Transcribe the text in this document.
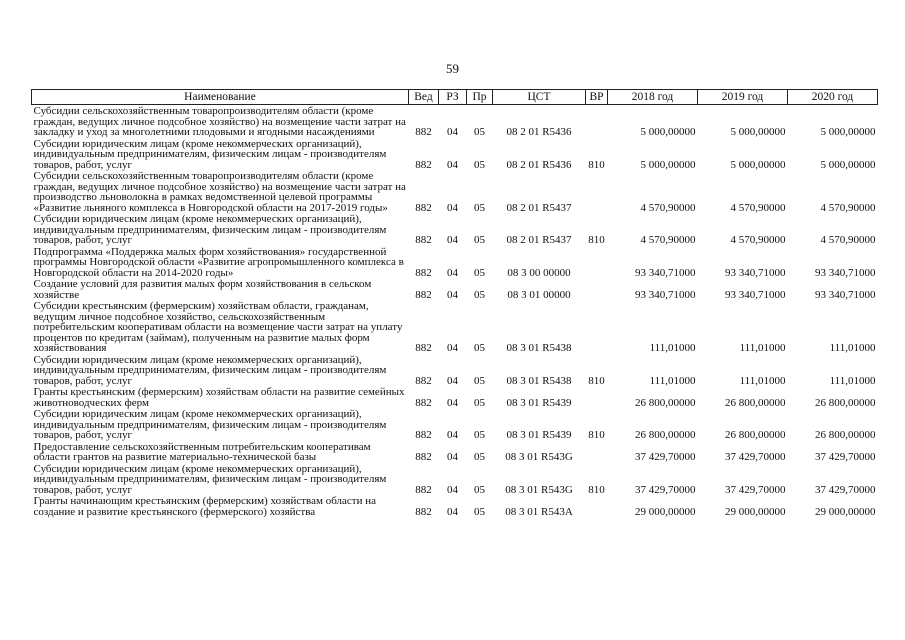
59
Наименование	Вед	РЗ	Пр	ЦСТ	ВР	2018 год	2019 год	2020 год
Субсидии сельскохозяйственным товаропроизводителям области (кроме граждан, ведущих личное подсобное хозяйство) на возмещение части затрат на закладку и уход за многолетними плодовыми и ягодными насаждениями	882	04	05	08 2 01 R5436		5 000,00000	5 000,00000	5 000,00000
Субсидии юридическим лицам (кроме некоммерческих организаций), индивидуальным предпринимателям, физическим лицам - производителям товаров, работ, услуг	882	04	05	08 2 01 R5436	810	5 000,00000	5 000,00000	5 000,00000
Субсидии сельскохозяйственным товаропроизводителям области (кроме граждан, ведущих личное подсобное хозяйство) на возмещение части затрат на производство льноволокна в рамках ведомственной целевой программы «Развитие льняного комплекса в Новгородской области на 2017-2019 годы»	882	04	05	08 2 01 R5437		4 570,90000	4 570,90000	4 570,90000
Субсидии юридическим лицам (кроме некоммерческих организаций), индивидуальным предпринимателям, физическим лицам - производителям товаров, работ, услуг	882	04	05	08 2 01 R5437	810	4 570,90000	4 570,90000	4 570,90000
Подпрограмма «Поддержка малых форм хозяйствования» государственной программы Новгородской области «Развитие агропромышленного комплекса в Новгородской области на 2014-2020 годы»	882	04	05	08 3 00 00000		93 340,71000	93 340,71000	93 340,71000
Создание условий для развития малых форм хозяйствования в сельском хозяйстве	882	04	05	08 3 01 00000		93 340,71000	93 340,71000	93 340,71000
Субсидии крестьянским (фермерским) хозяйствам области, гражданам, ведущим личное подсобное хозяйство, сельскохозяйственным потребительским кооперативам области на возмещение части затрат на уплату процентов по кредитам (займам), полученным на развитие малых форм хозяйствования	882	04	05	08 3 01 R5438		111,01000	111,01000	111,01000
Субсидии юридическим лицам (кроме некоммерческих организаций), индивидуальным предпринимателям, физическим лицам - производителям товаров, работ, услуг	882	04	05	08 3 01 R5438	810	111,01000	111,01000	111,01000
Гранты крестьянским (фермерским) хозяйствам области на развитие семейных животноводческих ферм	882	04	05	08 3 01 R5439		26 800,00000	26 800,00000	26 800,00000
Субсидии юридическим лицам (кроме некоммерческих организаций), индивидуальным предпринимателям, физическим лицам - производителям товаров, работ, услуг	882	04	05	08 3 01 R5439	810	26 800,00000	26 800,00000	26 800,00000
Предоставление сельскохозяйственным потребительским кооперативам области грантов на развитие материально-технической базы	882	04	05	08 3 01 R543G		37 429,70000	37 429,70000	37 429,70000
Субсидии юридическим лицам (кроме некоммерческих организаций), индивидуальным предпринимателям, физическим лицам - производителям товаров, работ, услуг	882	04	05	08 3 01 R543G	810	37 429,70000	37 429,70000	37 429,70000
Гранты начинающим крестьянским (фермерским) хозяйствам области на создание и развитие крестьянского (фермерского) хозяйства	882	04	05	08 3 01 R543A		29 000,00000	29 000,00000	29 000,00000
